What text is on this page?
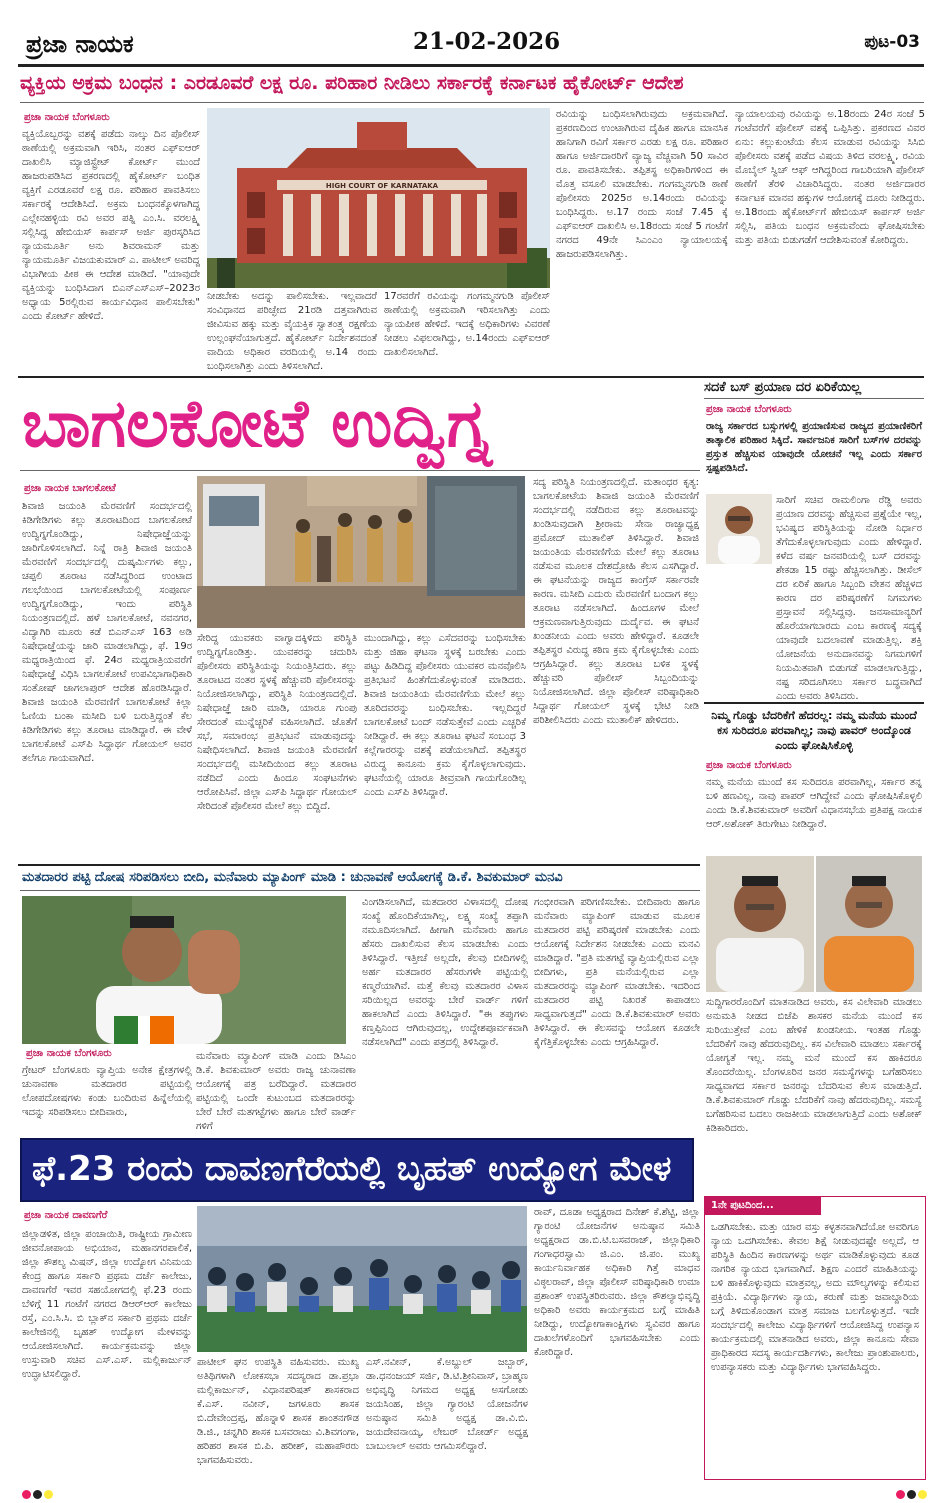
ಪ್ರಜಾ ನಾಯಕ	21-02-2026	ಪುಟ-03
ವ್ಯಕ್ತಿಯ ಅಕ್ರಮ ಬಂಧನ : ಎರಡೂವರೆ ಲಕ್ಷ ರೂ. ಪರಿಹಾರ ನೀಡಿಲು ಸರ್ಕಾರಕ್ಕೆ ಕರ್ನಾಟಕ ಹೈಕೋರ್ಟ್ ಆದೇಶ
ಪ್ರಜಾ ನಾಯಕ ಬೆಂಗಳೂರು
ವ್ಯಕ್ತಿಯೊಬ್ಬರನ್ನು ವಶಕ್ಕೆ ಪಡೆದು ನಾಲ್ಕು ದಿನ ಪೊಲೀಸ್ ಠಾಣೆಯಲ್ಲಿ ಅಕ್ರಮವಾಗಿ ಇರಿಸಿ, ನಂತರ ಎಫ್‌ಐಆರ್ ದಾಖಲಿಸಿ ಮ್ಯಾಜಿಸ್ಟ್ರೇಟ್ ಕೋರ್ಟ್ ಮುಂದೆ ಹಾಜರುಪಡಿಸಿದ ಪ್ರಕರಣದಲ್ಲಿ ಹೈಕೋರ್ಟ್ ಬಂಧಿತ ವ್ಯಕ್ತಿಗೆ ಎರಡೂವರೆ ಲಕ್ಷ ರೂ. ಪರಿಹಾರ ಪಾವತಿಸಲು ಸರ್ಕಾರಕ್ಕೆ ಆದೇಶಿಸಿದೆ. ಅಕ್ರಮ ಬಂಧನಕ್ಕೊಳಗಾಗಿದ್ದ ಎಲ್ಲೇನಹಳ್ಳಿಯ ರವಿ ಅವರ ಪತ್ನಿ ಎಂ.ಸಿ. ವರಲಕ್ಷ್ಮಿ ಸಲ್ಲಿಸಿದ್ದ ಹೇಬಿಯಸ್ ಕಾರ್ಪಸ್ ಅರ್ಜಿ ಪುರಸ್ಕರಿಸಿದ ನ್ಯಾಯಮೂರ್ತಿ ಅನು ಶಿವರಾಮನ್ ಮತ್ತು ನ್ಯಾಯಮೂರ್ತಿ ವಿಜಯಕುಮಾರ್ ಎ. ಪಾಟೀಲ್ ಅವರಿದ್ದ ವಿಭಾಗೀಯ ಪೀಠ ಈ ಆದೇಶ ಮಾಡಿದೆ. "ಯಾವುದೇ ವ್ಯಕ್ತಿಯನ್ನು ಬಂಧಿಸಿದಾಗ ಬಿಎನ್‌ಎಸ್‌ಎಸ್–2023ರ ಅಧ್ಯಾಯ 5ರಲ್ಲಿರುವ ಕಾರ್ಯವಿಧಾನ ಪಾಲಿಸಬೇಕು" ಎಂದು ಕೋರ್ಟ್ ಹೇಳಿದೆ.
HIGH COURT OF KARNATAKA
ನೀಡಬೇಕು ಅದನ್ನು ಪಾಲಿಸಬೇಕು. ಇಲ್ಲವಾದರೆ ಸಂವಿಧಾನದ ಪರಿಚ್ಛೇದ 21ರಡಿ ದತ್ತವಾಗಿರುವ ಜೀವಿಸುವ ಹಕ್ಕು ಮತ್ತು ವೈಯಕ್ತಿಕ ಸ್ವಾತಂತ್ರ್ಯ ರಕ್ಷಣೆಯ ಉಲ್ಲಂಘನೆಯಾಗುತ್ತದೆ. ಹೈಕೋರ್ಟ್ ನಿರ್ದೇಶನದಂತೆ ವಾದಿಯ ಅಧಿಕಾರ ವರದಿಯಲ್ಲಿ ಅ.14 ರಂದು ಬಂಧಿಸಲಾಗಿತ್ತು ಎಂದು ತಿಳಿಸಲಾಗಿದೆ.
17ರವರೆಗೆ ರವಿಯನ್ನು ಗಂಗಮ್ಮನಗುಡಿ ಪೊಲೀಸ್ ಠಾಣೆಯಲ್ಲಿ ಅಕ್ರಮವಾಗಿ ಇರಿಸಲಾಗಿತ್ತು ಎಂದು ನ್ಯಾಯಪೀಠ ಹೇಳಿದೆ. ಇದಕ್ಕೆ ಅಧಿಕಾರಿಗಳು ವಿವರಣೆ ನೀಡಲು ವಿಫಲರಾಗಿದ್ದು, ಅ.14ರಂದು ಎಫ್‌ಐಆರ್ ದಾಖಲಿಸಲಾಗಿದೆ.
ರವಿಯನ್ನು ಬಂಧಿಸಲಾಗಿರುವುದು ಅಕ್ರಮವಾಗಿದೆ. ಪ್ರಕರಣದಿಂದ ಉಂಟಾಗಿರುವ ದೈಹಿಕ ಹಾಗೂ ಮಾನಸಿಕ ಹಾನಿಗಾಗಿ ರವಿಗೆ ಸರ್ಕಾರ ಎರಡು ಲಕ್ಷ ರೂ. ಪರಿಹಾರ ಹಾಗೂ ಅರ್ಜಿದಾರರಿಗೆ ವ್ಯಾಜ್ಯ ವೆಚ್ಚವಾಗಿ 50 ಸಾವಿರ ರೂ. ಪಾವತಿಸಬೇಕು. ತಪ್ಪಿತಸ್ಥ ಅಧಿಕಾರಿಗಳಿಂದ ಈ ಮೊತ್ತ ವಸೂಲಿ ಮಾಡಬೇಕು. ಗಂಗಮ್ಮನಗುಡಿ ಠಾಣೆ ಪೊಲೀಸರು 2025ರ ಅ.14ರಂದು ರವಿಯನ್ನು ಬಂಧಿಸಿದ್ದರು. ಅ.17 ರಂದು ಸಂಜೆ 7.45 ಕ್ಕೆ ಎಫ್‌ಐಆರ್ ದಾಖಲಿಸಿ ಅ.18ರಂದು ಸಂಜೆ 5 ಗಂಟೆಗೆ ನಗರದ 49ನೇ ಸಿಎಂಎಂ ನ್ಯಾಯಾಲಯಕ್ಕೆ ಹಾಜರುಪಡಿಸಲಾಗಿತ್ತು.
ನ್ಯಾಯಾಲಯವು ರವಿಯನ್ನು ಅ.18ರಂದು 24ರ ಸಂಜೆ 5 ಗಂಟೆವರೆಗೆ ಪೊಲೀಸ್ ವಶಕ್ಕೆ ಒಪ್ಪಿಸಿತ್ತು. ಪ್ರಕರಣದ ವಿವರ ಏನು: ಕಲ್ಲುಕುಂಟೆಯ ಕೆಲಸ ಮಾಡುವ ರವಿಯನ್ನು ಸಿಸಿಬಿ ಪೊಲೀಸರು ವಶಕ್ಕೆ ಪಡೆದ ವಿಷಯ ತಿಳಿದ ವರಲಕ್ಷ್ಮಿ, ರವಿಯ ಮೊಬೈಲ್ ಸ್ವಿಚ್ ಆಫ್ ಆಗಿದ್ದರಿಂದ ಗಾಬರಿಯಾಗಿ ಪೊಲೀಸ್ ಠಾಣೆಗೆ ತೆರಳಿ ವಿಚಾರಿಸಿದ್ದರು. ನಂತರ ಅರ್ಜಿದಾರರ ಕರ್ನಾಟಕ ಮಾನವ ಹಕ್ಕುಗಳ ಆಯೋಗಕ್ಕೆ ದೂರು ನೀಡಿದ್ದರು. ಅ.18ರಂದು ಹೈಕೋರ್ಟ್‌ಗೆ ಹೇಬಿಯಸ್ ಕಾರ್ಪಸ್ ಅರ್ಜಿ ಸಲ್ಲಿಸಿ, ಪತಿಯ ಬಂಧನ ಅಕ್ರಮವೆಂದು ಘೋಷಿಸಬೇಕು ಮತ್ತು ಪತಿಯ ಬಿಡುಗಡೆಗೆ ಆದೇಶಿಸುವಂತೆ ಕೋರಿದ್ದರು.
ಬಾಗಲಕೋಟೆ ಉದ್ವಿಗ್ನ
ಪ್ರಜಾ ನಾಯಕ ಬಾಗಲಕೋಟೆ
ಶಿವಾಜಿ ಜಯಂತಿ ಮೆರವಣಿಗೆ ಸಂದರ್ಭದಲ್ಲಿ ಕಿಡಿಗೇಡಿಗಳು ಕಲ್ಲು ತೂರಾಟದಿಂದ ಬಾಗಲಕೋಟೆ ಉದ್ವಿಗ್ನಗೊಂಡಿದ್ದು, ನಿಷೇಧಾಜ್ಞೆಯನ್ನು ಜಾರಿಗೊಳಿಸಲಾಗಿದೆ. ನಿನ್ನೆ ರಾತ್ರಿ ಶಿವಾಜಿ ಜಯಂತಿ ಮೆರವಣಿಗೆ ಸಂದರ್ಭದಲ್ಲಿ ದುಷ್ಕರ್ಮಿಗಳು ಕಲ್ಲು, ಚಪ್ಪಲಿ ತೂರಾಟ ನಡೆಸಿದ್ದರಿಂದ ಉಂಟಾದ ಗಲಭೆಯಿಂದ ಬಾಗಲಕೋಟೆಯಲ್ಲಿ ಸಂಪೂರ್ಣ ಉದ್ವಿಗ್ನಗೊಂಡಿದ್ದು, ಇಂದು ಪರಿಸ್ಥಿತಿ ನಿಯಂತ್ರಣದಲ್ಲಿದೆ. ಹಳೆ ಬಾಗಲಕೋಟೆ, ನವನಗರ, ವಿದ್ಯಾಗಿರಿ ಮೂರು ಕಡೆ ಬಿಎನ್‌ಎಸ್ 163 ಅಡಿ ನಿಷೇಧಾಜ್ಞೆಯನ್ನು ಜಾರಿ ಮಾಡಲಾಗಿದ್ದು, ಫೆ. 19ರ ಮಧ್ಯರಾತ್ರಿಯಿಂದ ಫೆ. 24ರ ಮಧ್ಯರಾತ್ರಿಯವರೆಗೆ ನಿಷೇಧಾಜ್ಞೆ ವಿಧಿಸಿ ಬಾಗಲಕೋಟೆ ಉಪವಿಭಾಗಾಧಿಕಾರಿ ಸಂತೋಷ್ ಜಾಗಲಾಪುರ್ ಆದೇಶ ಹೊರಡಿಸಿದ್ದಾರೆ. ಶಿವಾಜಿ ಜಯಂತಿ ಮೆರವಣಿಗೆ ಬಾಗಲಕೋಟೆ ಕಿಲ್ಲಾ ಓಣಿಯ ಬಂಕಾ ಮಸೀದಿ ಬಳಿ ಬರುತ್ತಿದ್ದಂತೆ ಕೆಲ ಕಿಡಿಗೇಡಿಗಳು ಕಲ್ಲು ತೂರಾಟ ಮಾಡಿದ್ದಾರೆ. ಈ ವೇಳೆ ಬಾಗಲಕೋಟೆ ಎಸ್‌ಪಿ ಸಿದ್ದಾರ್ಥ ಗೋಯಲ್ ಅವರ ತಲೆಗೂ ಗಾಯವಾಗಿದೆ.
ಸೇರಿದ್ದ ಯುವಕರು ವಾಗ್ವಾದಕ್ಕಿಳಿದು ಪರಿಸ್ಥಿತಿ ಉದ್ವಿಗ್ನಗೊಂಡಿತ್ತು. ಯುವಕರನ್ನು ಚದುರಿಸಿ ಪೊಲೀಸರು ಪರಿಸ್ಥಿತಿಯನ್ನು ನಿಯಂತ್ರಿಸಿದರು. ಕಲ್ಲು ತೂರಾಟದ ನಂತರ ಸ್ಥಳಕ್ಕೆ ಹೆಚ್ಚುವರಿ ಪೊಲೀಸರನ್ನು ನಿಯೋಜಿಸಲಾಗಿದ್ದು, ಪರಿಸ್ಥಿತಿ ನಿಯಂತ್ರಣದಲ್ಲಿದೆ. ನಿಷೇಧಾಜ್ಞೆ ಜಾರಿ ಮಾಡಿ, ಯಾರೂ ಗುಂಪು ಸೇರದಂತೆ ಮುನ್ನೆಚ್ಚರಿಕೆ ವಹಿಸಲಾಗಿದೆ. ಜೊತೆಗೆ ಸಭೆ, ಸಮಾರಂಭ ಪ್ರತಿಭಟನೆ ಮಾಡುವುದನ್ನು ನಿಷೇಧಿಸಲಾಗಿದೆ. ಶಿವಾಜಿ ಜಯಂತಿ ಮೆರವಣಿಗೆ ಸಂದರ್ಭದಲ್ಲಿ ಮಸೀದಿಯಿಂದ ಕಲ್ಲು ತೂರಾಟ ನಡೆದಿದೆ ಎಂದು ಹಿಂದೂ ಸಂಘಟನೆಗಳು ಆರೋಪಿಸಿವೆ. ಜಿಲ್ಲಾ ಎಸ್‌ಪಿ ಸಿದ್ದಾರ್ಥ ಗೋಯಲ್ ಸೇರಿದಂತೆ ಪೊಲೀಸರ ಮೇಲೆ ಕಲ್ಲು ಬಿದ್ದಿದೆ.
ಮುಂದಾಗಿದ್ದು, ಕಲ್ಲು ಎಸೆದವರನ್ನು ಬಂಧಿಸಬೇಕು ಮತ್ತು ಜಿಹಾ ಘಟನಾ ಸ್ಥಳಕ್ಕೆ ಬರಬೇಕು ಎಂದು ಪಟ್ಟು ಹಿಡಿದಿದ್ದ ಪೊಲೀಸರು ಯುವಕರ ಮನವೊಲಿಸಿ ಪ್ರತಿಭಟನೆ ಹಿಂತೆಗೆದುಕೊಳ್ಳುವಂತೆ ಮಾಡಿದರು. ಶಿವಾಜಿ ಜಯಂತಿಯ ಮೆರವಣಿಗೆಯ ಮೇಲೆ ಕಲ್ಲು ತೂರಿದವರನ್ನು ಬಂಧಿಸಬೇಕು. ಇಲ್ಲದಿದ್ದರೆ ಬಾಗಲಕೋಟೆ ಬಂದ್ ನಡೆಸುತ್ತೇವೆ ಎಂದು ಎಚ್ಚರಿಕೆ ನೀಡಿದ್ದಾರೆ. ಈ ಕಲ್ಲು ತೂರಾಟ ಘಟನೆ ಸಂಬಂಧ 3 ಕಲ್ಲೆಗಾರರನ್ನು ವಶಕ್ಕೆ ಪಡೆಯಲಾಗಿದೆ. ತಪ್ಪಿತಸ್ಥರ ವಿರುದ್ಧ ಕಾನೂನು ಕ್ರಮ ಕೈಗೊಳ್ಳಲಾಗುವುದು. ಘಟನೆಯಲ್ಲಿ ಯಾರೂ ತೀವ್ರವಾಗಿ ಗಾಯಗೊಂಡಿಲ್ಲ ಎಂದು ಎಸ್‌ಪಿ ತಿಳಿಸಿದ್ದಾರೆ.
ಸದ್ಯ ಪರಿಸ್ಥಿತಿ ನಿಯಂತ್ರಣದಲ್ಲಿದೆ. ಮತಾಂಧರ ಕೃತ್ಯ: ಬಾಗಲಕೋಟೆಯ ಶಿವಾಜಿ ಜಯಂತಿ ಮೆರವಣಿಗೆ ಸಂದರ್ಭದಲ್ಲಿ ನಡೆದಿರುವ ಕಲ್ಲು ತೂರಾಟವನ್ನು ಖಂಡಿಸುವುದಾಗಿ ಶ್ರೀರಾಮ ಸೇನಾ ರಾಜ್ಯಾಧ್ಯಕ್ಷ ಪ್ರಮೋದ್ ಮುತಾಲಿಕ್ ತಿಳಿಸಿದ್ದಾರೆ. ಶಿವಾಜಿ ಜಯಂತಿಯ ಮೆರವಣಿಗೆಯ ಮೇಲೆ ಕಲ್ಲು ತೂರಾಟ ನಡೆಸುವ ಮೂಲಕ ದೇಶದ್ರೋಹಿ ಕೆಲಸ ಎಸಗಿದ್ದಾರೆ. ಈ ಘಟನೆಯನ್ನು ರಾಜ್ಯದ ಕಾಂಗ್ರೆಸ್ ಸರ್ಕಾರವೇ ಕಾರಣ. ಮಸೀದಿ ಎದುರು ಮೆರವಣಿಗೆ ಬಂದಾಗ ಕಲ್ಲು ತೂರಾಟ ನಡೆಸಲಾಗಿದೆ. ಹಿಂದೂಗಳ ಮೇಲೆ ಆಕ್ರಮಣವಾಗುತ್ತಿರುವುದು ದುರ್ದೈವ. ಈ ಘಟನೆ ಖಂಡನೀಯ ಎಂದು ಅವರು ಹೇಳಿದ್ದಾರೆ. ಕೂಡಲೇ ತಪ್ಪಿತಸ್ಥರ ವಿರುದ್ಧ ಕಠಿಣ ಕ್ರಮ ಕೈಗೊಳ್ಳಬೇಕು ಎಂದು ಆಗ್ರಹಿಸಿದ್ದಾರೆ. ಕಲ್ಲು ತೂರಾಟ ಬಳಿಕ ಸ್ಥಳಕ್ಕೆ ಹೆಚ್ಚುವರಿ ಪೊಲೀಸ್ ಸಿಬ್ಬಂದಿಯನ್ನು ನಿಯೋಜಿಸಲಾಗಿದೆ. ಜಿಲ್ಲಾ ಪೊಲೀಸ್ ವರಿಷ್ಠಾಧಿಕಾರಿ ಸಿದ್ದಾರ್ಥ ಗೋಯಲ್ ಸ್ಥಳಕ್ಕೆ ಭೇಟಿ ನೀಡಿ ಪರಿಶೀಲಿಸಿದರು ಎಂದು ಮುತಾಲಿಕ್ ಹೇಳಿದರು.
ಸದಕೆ ಬಸ್ ಪ್ರಯಾಣ ದರ ಏರಿಕೆಯಿಲ್ಲ
ಪ್ರಜಾ ನಾಯಕ ಬೆಂಗಳೂರು
ರಾಜ್ಯ ಸರ್ಕಾರದ ಬಸ್ಸುಗಳಲ್ಲಿ ಪ್ರಯಾಣಿಸುವ ರಾಜ್ಯದ ಪ್ರಯಾಣಿಕರಿಗೆ ತಾತ್ಕಾಲಿಕ ಪರಿಹಾರ ಸಿಕ್ಕಿದೆ. ಸಾರ್ವಜನಿಕ ಸಾರಿಗೆ ಬಸ್‌ಗಳ ದರವನ್ನು ಪ್ರಸ್ತುತ ಹೆಚ್ಚಿಸುವ ಯಾವುದೇ ಯೋಚನೆ ಇಲ್ಲ ಎಂದು ಸರ್ಕಾರ ಸ್ಪಷ್ಟಪಡಿಸಿದೆ.
ಸಾರಿಗೆ ಸಚಿವ ರಾಮಲಿಂಗಾ ರೆಡ್ಡಿ ಅವರು ಪ್ರಯಾಣ ದರವನ್ನು ಹೆಚ್ಚಿಸುವ ಪ್ರಶ್ನೆಯೇ ಇಲ್ಲ, ಭವಿಷ್ಯದ ಪರಿಸ್ಥಿತಿಯನ್ನು ನೋಡಿ ನಿರ್ಧಾರ ತೆಗೆದುಕೊಳ್ಳಲಾಗುವುದು ಎಂದು ಹೇಳಿದ್ದಾರೆ. ಕಳೆದ ವರ್ಷ ಜನವರಿಯಲ್ಲಿ ಬಸ್ ದರವನ್ನು ಶೇಕಡಾ 15 ರಷ್ಟು ಹೆಚ್ಚಿಸಲಾಗಿತ್ತು. ಡೀಸೆಲ್ ದರ ಏರಿಕೆ ಹಾಗೂ ಸಿಬ್ಬಂದಿ ವೇತನ ಹೆಚ್ಚಳದ ಕಾರಣ ದರ ಪರಿಷ್ಕರಣೆಗೆ ನಿಗಮಗಳು ಪ್ರಸ್ತಾವನೆ ಸಲ್ಲಿಸಿದ್ದವು. ಜನಸಾಮಾನ್ಯರಿಗೆ ಹೊರೆಯಾಗಬಾರದು ಎಂಬ ಕಾರಣಕ್ಕೆ ಸದ್ಯಕ್ಕೆ ಯಾವುದೇ ಬದಲಾವಣೆ ಮಾಡುತ್ತಿಲ್ಲ. ಶಕ್ತಿ ಯೋಜನೆಯ ಅನುದಾನವನ್ನು ನಿಗಮಗಳಿಗೆ ನಿಯಮಿತವಾಗಿ ಬಿಡುಗಡೆ ಮಾಡಲಾಗುತ್ತಿದ್ದು, ನಷ್ಟ ಸರಿದೂಗಿಸಲು ಸರ್ಕಾರ ಬದ್ಧವಾಗಿದೆ ಎಂದು ಅವರು ತಿಳಿಸಿದರು.
ನಿಮ್ಮ ಗೊಡ್ಡು ಬೆದರಿಕೆಗೆ ಹೆದರಲ್ಲ: ನಮ್ಮ ಮನೆಯ ಮುಂದೆ ಕಸ ಸುರಿದರೂ ಪರವಾಗಿಲ್ಲ; ನಾವು ಪಾವರ್ ಅಂದ್ಕೊಂಡ ಎಂದು ಘೋಷಿಸಿಕೊಳ್ಳಿ
ಪ್ರಜಾ ನಾಯಕ ಬೆಂಗಳೂರು
ನಮ್ಮ ಮನೆಯ ಮುಂದೆ ಕಸ ಸುರಿದರೂ ಪರವಾಗಿಲ್ಲ, ಸರ್ಕಾರ ತನ್ನ ಬಳಿ ಹಣವಿಲ್ಲ, ನಾವು ಪಾಪರ್ ಆಗಿದ್ದೇವೆ ಎಂದು ಘೋಷಿಸಿಕೊಳ್ಳಲಿ ಎಂದು ಡಿ.ಕೆ.ಶಿವಕುಮಾರ್ ಅವರಿಗೆ ವಿಧಾನಸಭೆಯ ಪ್ರತಿಪಕ್ಷ ನಾಯಕ ಆರ್.ಅಶೋಕ್ ತಿರುಗೇಟು ನೀಡಿದ್ದಾರೆ.
ಸುದ್ದಿಗಾರರೊಂದಿಗೆ ಮಾತನಾಡಿದ ಅವರು, ಕಸ ವಿಲೇವಾರಿ ಮಾಡಲು ಅನುಮತಿ ನೀಡದ ಬಿಜೆಪಿ ಶಾಸಕರ ಮನೆಯ ಮುಂದೆ ಕಸ ಸುರಿಯುತ್ತೇವೆ ಎಂಬ ಹೇಳಿಕೆ ಖಂಡನೀಯ. ಇಂತಹ ಗೊಡ್ಡು ಬೆದರಿಕೆಗೆ ನಾವು ಹೆದರುವುದಿಲ್ಲ. ಕಸ ವಿಲೇವಾರಿ ಮಾಡಲು ಸರ್ಕಾರಕ್ಕೆ ಯೋಗ್ಯತೆ ಇಲ್ಲ. ನಮ್ಮ ಮನೆ ಮುಂದೆ ಕಸ ಹಾಕಿದರೂ ತೊಂದರೆಯಿಲ್ಲ. ಬೆಂಗಳೂರಿನ ಜನರ ಸಮಸ್ಯೆಗಳನ್ನು ಬಗೆಹರಿಸಲು ಸಾಧ್ಯವಾಗದ ಸರ್ಕಾರ ಜನರನ್ನು ಬೆದರಿಸುವ ಕೆಲಸ ಮಾಡುತ್ತಿದೆ. ಡಿ.ಕೆ.ಶಿವಕುಮಾರ್ ಗೊಡ್ಡು ಬೆದರಿಕೆಗೆ ನಾವು ಹೆದರುವುದಿಲ್ಲ. ಸಮಸ್ಯೆ ಬಗೆಹರಿಸುವ ಬದಲು ರಾಜಕೀಯ ಮಾಡಲಾಗುತ್ತಿದೆ ಎಂದು ಅಶೋಕ್ ಕಿಡಿಕಾರಿದರು.
ಮತದಾರರ ಪಟ್ಟಿ ದೋಷ ಸರಿಪಡಿಸಲು ಬೀದಿ, ಮನೆವಾರು ಮ್ಯಾಪಿಂಗ್ ಮಾಡಿ : ಚುನಾವಣೆ ಆಯೋಗಕ್ಕೆ ಡಿ.ಕೆ. ಶಿವಕುಮಾರ್ ಮನವಿ
ಪ್ರಜಾ ನಾಯಕ ಬೆಂಗಳೂರು
ಗ್ರೇಟರ್ ಬೆಂಗಳೂರು ವ್ಯಾಪ್ತಿಯ ಅನೇಕ ಕ್ಷೇತ್ರಗಳಲ್ಲಿ ಚುನಾವಣಾ ಮತದಾರರ ಪಟ್ಟಿಯಲ್ಲಿ ಲೋಪದೋಷಗಳು ಕಂಡು ಬಂದಿರುವ ಹಿನ್ನೆಲೆಯಲ್ಲಿ ಇದನ್ನು ಸರಿಪಡಿಸಲು ಬೀದಿವಾರು,
ಮನೆವಾರು ಮ್ಯಾಪಿಂಗ್ ಮಾಡಿ ಎಂದು ಡಿಸಿಎಂ ಡಿ.ಕೆ. ಶಿವಕುಮಾರ್ ಅವರು ರಾಜ್ಯ ಚುನಾವಣಾ ಆಯೋಗಕ್ಕೆ ಪತ್ರ ಬರೆದಿದ್ದಾರೆ. ಮತದಾರರ ಪಟ್ಟಿಯಲ್ಲಿ ಒಂದೇ ಕುಟುಂಬದ ಮತದಾರರನ್ನು ಬೇರೆ ಬೇರೆ ಮತಗಟ್ಟೆಗಳು ಹಾಗೂ ಬೇರೆ ವಾರ್ಡ್ ಗಳಿಗೆ
ವಿಂಗಡಿಸಲಾಗಿದೆ, ಮತದಾರರ ವಿಳಾಸದಲ್ಲಿ ದೋಷ ಸಂಖ್ಯೆ ಹೊಂದಿಕೆಯಾಗಿಲ್ಲ, ಲಕ್ಷ್ಯ ಸಂಖ್ಯೆ ತಪ್ಪಾಗಿ ನಮೂದಿಸಲಾಗಿದೆ. ಹೀಗಾಗಿ ಮನೆವಾರು ಹಾಗೂ ಹೆಸರು ದಾಖಲಿಸುವ ಕೆಲಸ ಮಾಡಬೇಕು ಎಂದು ತಿಳಿಸಿದ್ದಾರೆ. ಇತ್ತೀಚೆ ಅಲ್ಲದೇ, ಕೆಲವು ಬೀದಿಗಳಲ್ಲಿ ಅರ್ಹ ಮತದಾರರ ಹೆಸರುಗಳೇ ಪಟ್ಟಿಯಲ್ಲಿ ಕಣ್ಮರೆಯಾಗಿವೆ. ಮತ್ತೆ ಕೆಲವು ಮತದಾರರ ವಿಳಾಸ ಸರಿಯಿಲ್ಲದ ಅವರನ್ನು ಬೇರೆ ವಾರ್ಡ್ ಗಳಿಗೆ ಹಾಕಲಾಗಿದೆ ಎಂದು ತಿಳಿಸಿದ್ದಾರೆ. "ಈ ತಪ್ಪುಗಳು ಕಣ್ತಪ್ಪಿನಿಂದ ಆಗಿರುವುದಲ್ಲ, ಉದ್ದೇಶಪೂರ್ವಕವಾಗಿ ನಡೆಸಲಾಗಿದೆ" ಎಂದು ಪತ್ರದಲ್ಲಿ ತಿಳಿಸಿದ್ದಾರೆ.
ಗಂಭೀರವಾಗಿ ಪರಿಗಣಿಸಬೇಕು. ಬೀದಿವಾರು ಹಾಗೂ ಮನೆವಾರು ಮ್ಯಾಪಿಂಗ್ ಮಾಡುವ ಮೂಲಕ ಮತದಾರರ ಪಟ್ಟಿ ಪರಿಷ್ಕರಣೆ ಮಾಡಬೇಕು ಎಂದು ಆಯೋಗಕ್ಕೆ ನಿರ್ದೇಶನ ನೀಡಬೇಕು ಎಂದು ಮನವಿ ಮಾಡಿದ್ದಾರೆ. "ಪ್ರತಿ ಮತಗಟ್ಟೆ ವ್ಯಾಪ್ತಿಯಲ್ಲಿರುವ ಎಲ್ಲಾ ಬೀದಿಗಳು, ಪ್ರತಿ ಮನೆಯಲ್ಲಿರುವ ಎಲ್ಲಾ ಮತದಾರರನ್ನು ಮ್ಯಾಪಿಂಗ್ ಮಾಡಬೇಕು. ಇದರಿಂದ ಮತದಾರರ ಪಟ್ಟಿ ನಿಖರತೆ ಕಾಪಾಡಲು ಸಾಧ್ಯವಾಗುತ್ತದೆ" ಎಂದು ಡಿ.ಕೆ.ಶಿವಕುಮಾರ್ ಅವರು ತಿಳಿಸಿದ್ದಾರೆ. ಈ ಕೆಲಸವನ್ನು ಆಯೋಗ ಕೂಡಲೇ ಕೈಗೆತ್ತಿಕೊಳ್ಳಬೇಕು ಎಂದು ಆಗ್ರಹಿಸಿದ್ದಾರೆ.
ಫೆ.23 ರಂದು ದಾವಣಗೆರೆಯಲ್ಲಿ ಬೃಹತ್ ಉದ್ಯೋಗ ಮೇಳ
ಪ್ರಜಾ ನಾಯಕ ದಾವಣಗೆರೆ
ಜಿಲ್ಲಾಡಳಿತ, ಜಿಲ್ಲಾ ಪಂಚಾಯಿತಿ, ರಾಷ್ಟ್ರೀಯ ಗ್ರಾಮೀಣ ಜೀವನೋಪಾಯ ಅಭಿಯಾನ, ಮಹಾನಗರಪಾಲಿಕೆ, ಜಿಲ್ಲಾ ಕೌಶಲ್ಯ ಮಿಷನ್, ಜಿಲ್ಲಾ ಉದ್ಯೋಗ ವಿನಿಮಯ ಕೇಂದ್ರ ಹಾಗೂ ಸರ್ಕಾರಿ ಪ್ರಥಮ ದರ್ಜೆ ಕಾಲೇಜು, ದಾವಣಗೆರೆ ಇವರ ಸಹಯೋಗದಲ್ಲಿ ಫೆ.23 ರಂದು ಬೆಳಿಗ್ಗೆ 11 ಗಂಟೆಗೆ ನಗರದ ಡಿಆರ್‌ಆರ್ ಕಾಲೇಜು ರಸ್ತೆ, ಎಂ.ಸಿ.ಸಿ. ಬಿ ಬ್ಲಾಕ್‌ನ ಸರ್ಕಾರಿ ಪ್ರಥಮ ದರ್ಜೆ ಕಾಲೇಜಿನಲ್ಲಿ ಬೃಹತ್ ಉದ್ಯೋಗ ಮೇಳವನ್ನು ಆಯೋಜಿಸಲಾಗಿದೆ. ಕಾರ್ಯಕ್ರಮವನ್ನು ಜಿಲ್ಲಾ ಉಸ್ತುವಾರಿ ಸಚಿವ ಎಸ್.ಎಸ್. ಮಲ್ಲಿಕಾರ್ಜುನ್ ಉದ್ಘಾಟಿಸಲಿದ್ದಾರೆ.
ಪಾಟೀಲ್ ಘನ ಉಪಸ್ಥಿತಿ ವಹಿಸುವರು. ಮುಖ್ಯ ಅತಿಥಿಗಳಾಗಿ ಲೋಕಸಭಾ ಸದಸ್ಯರಾದ ಡಾ.ಪ್ರಭಾ ಮಲ್ಲಿಕಾರ್ಜುನ್, ವಿಧಾನಪರಿಷತ್ ಶಾಸಕರಾದ ಕೆ.ಎಸ್. ನವೀನ್, ಜಗಳೂರು ಶಾಸಕ ಬಿ.ದೇವೇಂದ್ರಪ್ಪ, ಹೊನ್ನಾಳಿ ಶಾಸಕ ಶಾಂತನಗೌಡ ಡಿ.ಜಿ., ಚನ್ನಗಿರಿ ಶಾಸಕ ಬಸವರಾಜು ವಿ.ಶಿವಗಂಗಾ, ಹರಿಹರ ಶಾಸಕ ಬಿ.ಪಿ. ಹರೀಶ್, ಮಹಾಪೌರರು ಭಾಗವಹಿಸುವರು.
ಎಸ್.ನವೀನ್, ಕೆ.ಅಬ್ದುಲ್ ಜಬ್ಬಾರ್, ಡಾ.ಧನಂಜಯ್ ಸರ್ಜಿ, ಡಿ.ಟಿ.ಶ್ರೀನಿವಾಸ್, ಬ್ರಾಹ್ಮಣ ಅಭಿವೃದ್ಧಿ ನಿಗಮದ ಅಧ್ಯಕ್ಷ ಅಸಗೋಡು ಜಯಸಿಂಹ, ಜಿಲ್ಲಾ ಗ್ಯಾರಂಟಿ ಯೋಜನೆಗಳ ಅನುಷ್ಠಾನ ಸಮಿತಿ ಅಧ್ಯಕ್ಷ ಡಾ.ವಿ.ಬಿ. ಜಯದೇವನಾಯ್ಕ, ಲೇಬರ್ ಬೋರ್ಡ್ ಅಧ್ಯಕ್ಷ ಬಾಬುಲಾಲ್ ಅವರು ಆಗಮಿಸಲಿದ್ದಾರೆ.
ರಾವ್, ದೂಡಾ ಅಧ್ಯಕ್ಷರಾದ ದಿನೇಶ್ ಕೆ.ಶೆಟ್ಟಿ, ಜಿಲ್ಲಾ ಗ್ಯಾರಂಟಿ ಯೋಜನೆಗಳ ಅನುಷ್ಠಾನ ಸಮಿತಿ ಅಧ್ಯಕ್ಷರಾದ ಡಾ.ಬಿ.ಟಿ.ಬಸವರಾಜ್, ಜಿಲ್ಲಾಧಿಕಾರಿ ಗಂಗಾಧರಸ್ವಾಮಿ ಜಿ.ಎಂ. ಜಿ.ಪಂ. ಮುಖ್ಯ ಕಾರ್ಯನಿರ್ವಾಹಕ ಅಧಿಕಾರಿ ಗಿತ್ತೆ ಮಾಧವ ವಿಠ್ಠಲರಾವ್, ಜಿಲ್ಲಾ ಪೊಲೀಸ್ ವರಿಷ್ಠಾಧಿಕಾರಿ ಉಮಾ ಪ್ರಶಾಂತ್ ಉಪಸ್ಥಿತರಿರುವರು. ಜಿಲ್ಲಾ ಕೌಶಲ್ಯಾಭಿವೃದ್ಧಿ ಅಧಿಕಾರಿ ಅವರು ಕಾರ್ಯಕ್ರಮದ ಬಗ್ಗೆ ಮಾಹಿತಿ ನೀಡಿದ್ದು, ಉದ್ಯೋಗಾಕಾಂಕ್ಷಿಗಳು ಸ್ವವಿವರ ಹಾಗೂ ದಾಖಲೆಗಳೊಂದಿಗೆ ಭಾಗವಹಿಸಬೇಕು ಎಂದು ಕೋರಿದ್ದಾರೆ.
1ನೇ ಪುಟದಿಂದ...
ಒಡಗಿಸಬೇಕು. ಮತ್ತು ಯಾರ ವಸ್ತು ಕಳ್ಳತನವಾಗಿದೆಯೋ ಅವರಿಗೂ ನ್ಯಾಯ ಒದಗಿಸಬೇಕು. ಕೇವಲ ಶಿಕ್ಷೆ ನೀಡುವುದಷ್ಟೇ ಅಲ್ಲದೆ, ಆ ಪರಿಸ್ಥಿತಿ ಹಿಂದಿನ ಕಾರಣಗಳನ್ನು ಅರ್ಥ ಮಾಡಿಕೊಳ್ಳುವುದು ಕೂಡ ನಾಗರಿಕ ನ್ಯಾಯದ ಭಾಗವಾಗಿದೆ. ಶಿಕ್ಷಣ ಎಂದರೆ ಮಾಹಿತಿಯನ್ನು ಬಳಿ ಹಾಕಿಕೊಳ್ಳುವುದು ಮಾತ್ರವಲ್ಲ, ಅದು ಮೌಲ್ಯಗಳನ್ನು ಕಲಿಸುವ ಪ್ರಕ್ರಿಯೆ. ವಿದ್ಯಾರ್ಥಿಗಳು ನ್ಯಾಯ, ಕರುಣೆ ಮತ್ತು ಜವಾಬ್ದಾರಿಯ ಬಗ್ಗೆ ತಿಳಿದುಕೊಂಡಾಗ ಮಾತ್ರ ಸಮಾಜ ಬಲಗೊಳ್ಳುತ್ತದೆ. ಇದೇ ಸಂದರ್ಭದಲ್ಲಿ ಕಾಲೇಜು ವಿದ್ಯಾರ್ಥಿಗಳಿಗೆ ಆಯೋಜಿಸಿದ್ದ ಉಪನ್ಯಾಸ ಕಾರ್ಯಕ್ರಮದಲ್ಲಿ ಮಾತನಾಡಿದ ಅವರು, ಜಿಲ್ಲಾ ಕಾನೂನು ಸೇವಾ ಪ್ರಾಧಿಕಾರದ ಸದಸ್ಯ ಕಾರ್ಯದರ್ಶಿಗಳು, ಕಾಲೇಜು ಪ್ರಾಂಶುಪಾಲರು, ಉಪನ್ಯಾಸಕರು ಮತ್ತು ವಿದ್ಯಾರ್ಥಿಗಳು ಭಾಗವಹಿಸಿದ್ದರು.
